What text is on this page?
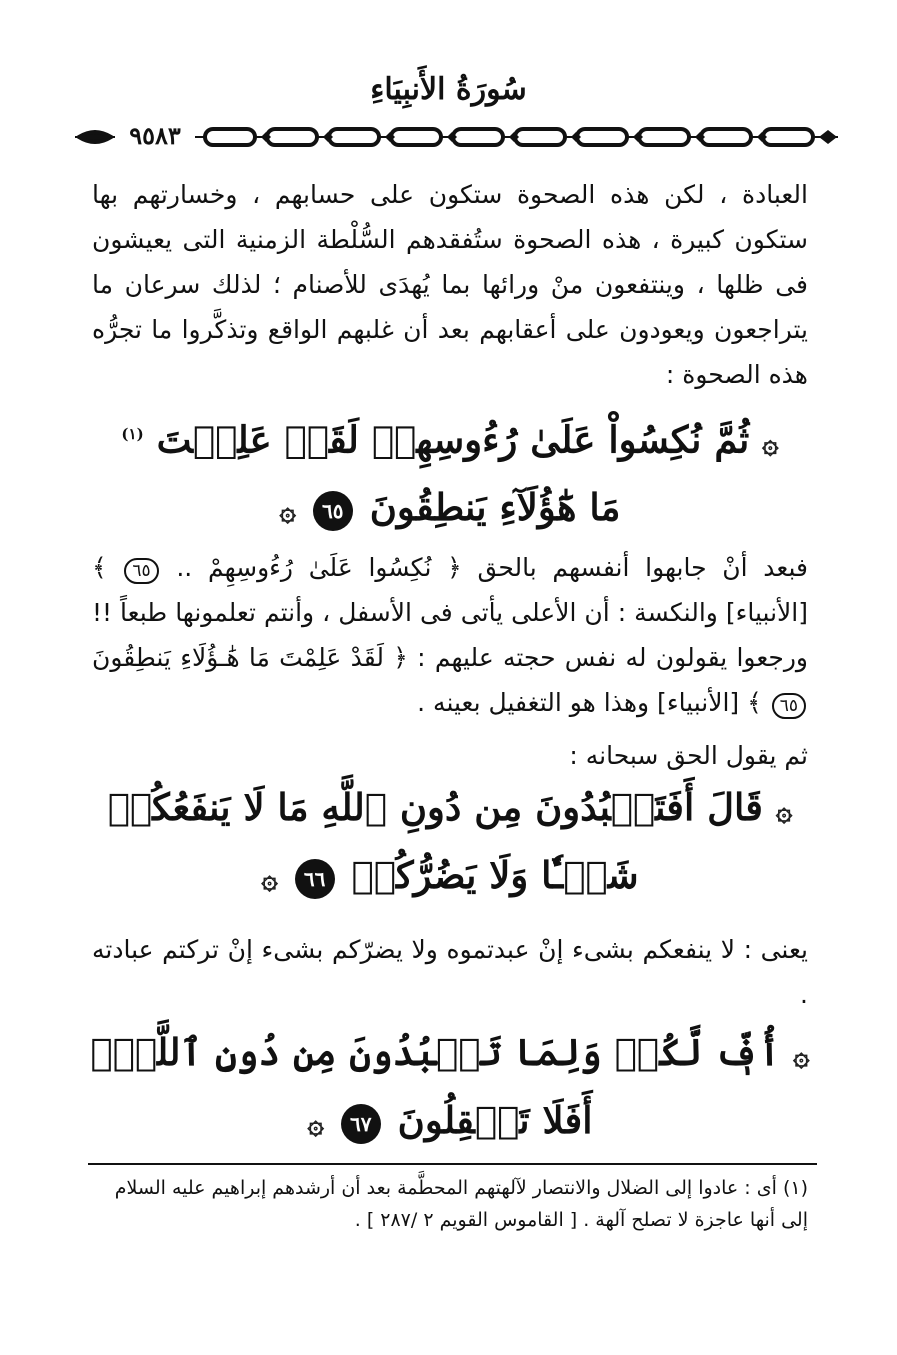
سُورَةُ الأَنبِيَاءِ
٩٥٨٣
العبادة ، لكن هذه الصحوة ستكون على حسابهم ، وخسارتهم بها ستكون كبيرة ، هذه الصحوة ستُفقدهم السُّلْطة الزمنية التى يعيشون فى ظلها ، وينتفعون منْ ورائها بما يُهدَى للأصنام ؛ لذلك سرعان ما يتراجعون ويعودون على أعقابهم بعد أن غلبهم الواقع وتذكَّروا ما تجرُّه هذه الصحوة :
۞ ثُمَّ نُكِسُواْ عَلَىٰ رُءُوسِهِمۡ لَقَدۡ عَلِمۡتَ $^{(١)}$
مَا هَٰٓؤُلَآءِ يَنطِقُونَ ٦٥ ۞
فبعد أنْ جابهوا أنفسهم بالحق ﴿ نُكِسُوا عَلَىٰ رُءُوسِهِمْ .. ٦٥ ﴾ [الأنبياء] والنكسة : أن الأعلى يأتى فى الأسفل ، وأنتم تعلمونها طبعاً !! ورجعوا يقولون له نفس حجته عليهم : ﴿ لَقَدْ عَلِمْتَ مَا هَٰـؤُلَاءِ يَنطِقُونَ ٦٥ ﴾ [الأنبياء] وهذا هو التغفيل بعينه .
ثم يقول الحق سبحانه :
۞ قَالَ أَفَتَعۡبُدُونَ مِن دُونِ ٱللَّهِ مَا لَا يَنفَعُكُمۡ
شَيۡـٔٗا وَلَا يَضُرُّكُمۡ ٦٦ ۞
يعنى : لا ينفعكم بشىء إنْ عبدتموه ولا يضرّكم بشىء إنْ تركتم عبادته .
۞ أُفّٖ لَّكُمۡ وَلِمَا تَعۡبُدُونَ مِن دُونِ ٱللَّهِۚ
أَفَلَا تَعۡقِلُونَ ٦٧ ۞
(١) أى : عادوا إلى الضلال والانتصار لآلهتهم المحطَّمة بعد أن أرشدهم إبراهيم عليه السلام
إلى أنها عاجزة لا تصلح آلهة . [ القاموس القويم ٢ /٢٨٧ ] .
